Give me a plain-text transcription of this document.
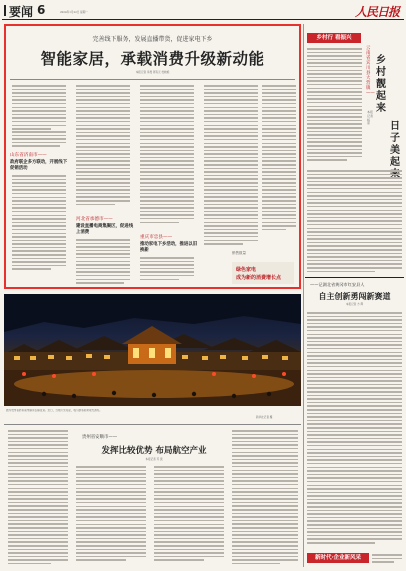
要闻 6	2024年1月22日 星期一	人民日报
完善线下服务，发展直播带货，促进家电下乡
智能家居，承载消费升级新动能
本报记者 李晨 周有元 杜晓艳
山东省济南市——
政府联企多方联动，开展线下促销活动
河北省承德市——
建设直播电商集聚区，促进线上消费
重庆市忠县——
推动家电下乡活动，推进以旧换新	销售数量
绿色家电
成为新的消费增长点
乡村行 看振兴
云南省宾川县大营镇——
乡村靓起来
日子美起
本报记者 杨 彦
——记湖北省黄冈市红安县人
自主创新勇闯新赛道
本报记者 方 辉
新时代·企业新风采
图为贵州省黔东南州镇远古镇夜景。近日，当地灯光亮起，吸引游客前来观光游览。
新华社记者 摄
贵州省安顺市——
发挥比较优势 布局航空产业
本报记者 苏 滨
